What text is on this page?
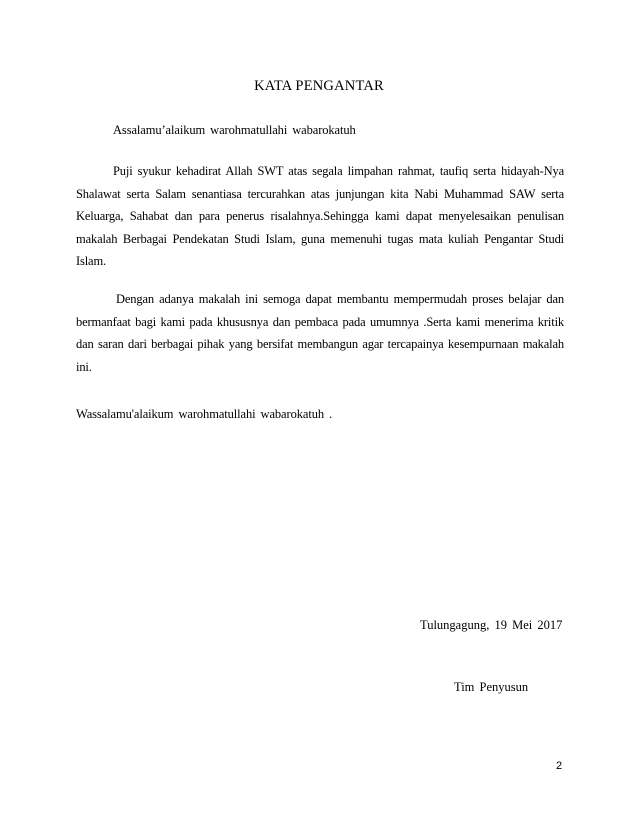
KATA PENGANTAR
Assalamu’alaikum warohmatullahi wabarokatuh

Puji syukur kehadirat Allah SWT atas segala limpahan rahmat, taufiq serta hidayah-Nya Shalawat serta Salam senantiasa tercurahkan atas junjungan kita Nabi Muhammad SAW serta Keluarga, Sahabat dan para penerus risalahnya.Sehingga kami dapat menyelesaikan penulisan makalah Berbagai Pendekatan Studi Islam, guna memenuhi tugas mata kuliah Pengantar Studi Islam.

Dengan adanya makalah ini semoga dapat membantu mempermudah proses belajar dan bermanfaat bagi kami pada khususnya dan pembaca pada umumnya .Serta kami menerima kritik dan saran dari berbagai pihak yang bersifat membangun agar tercapainya kesempurnaan makalah ini.

Wassalamu'alaikum warohmatullahi wabarokatuh .
Tulungagung, 19 Mei 2017
Tim Penyusun
2
